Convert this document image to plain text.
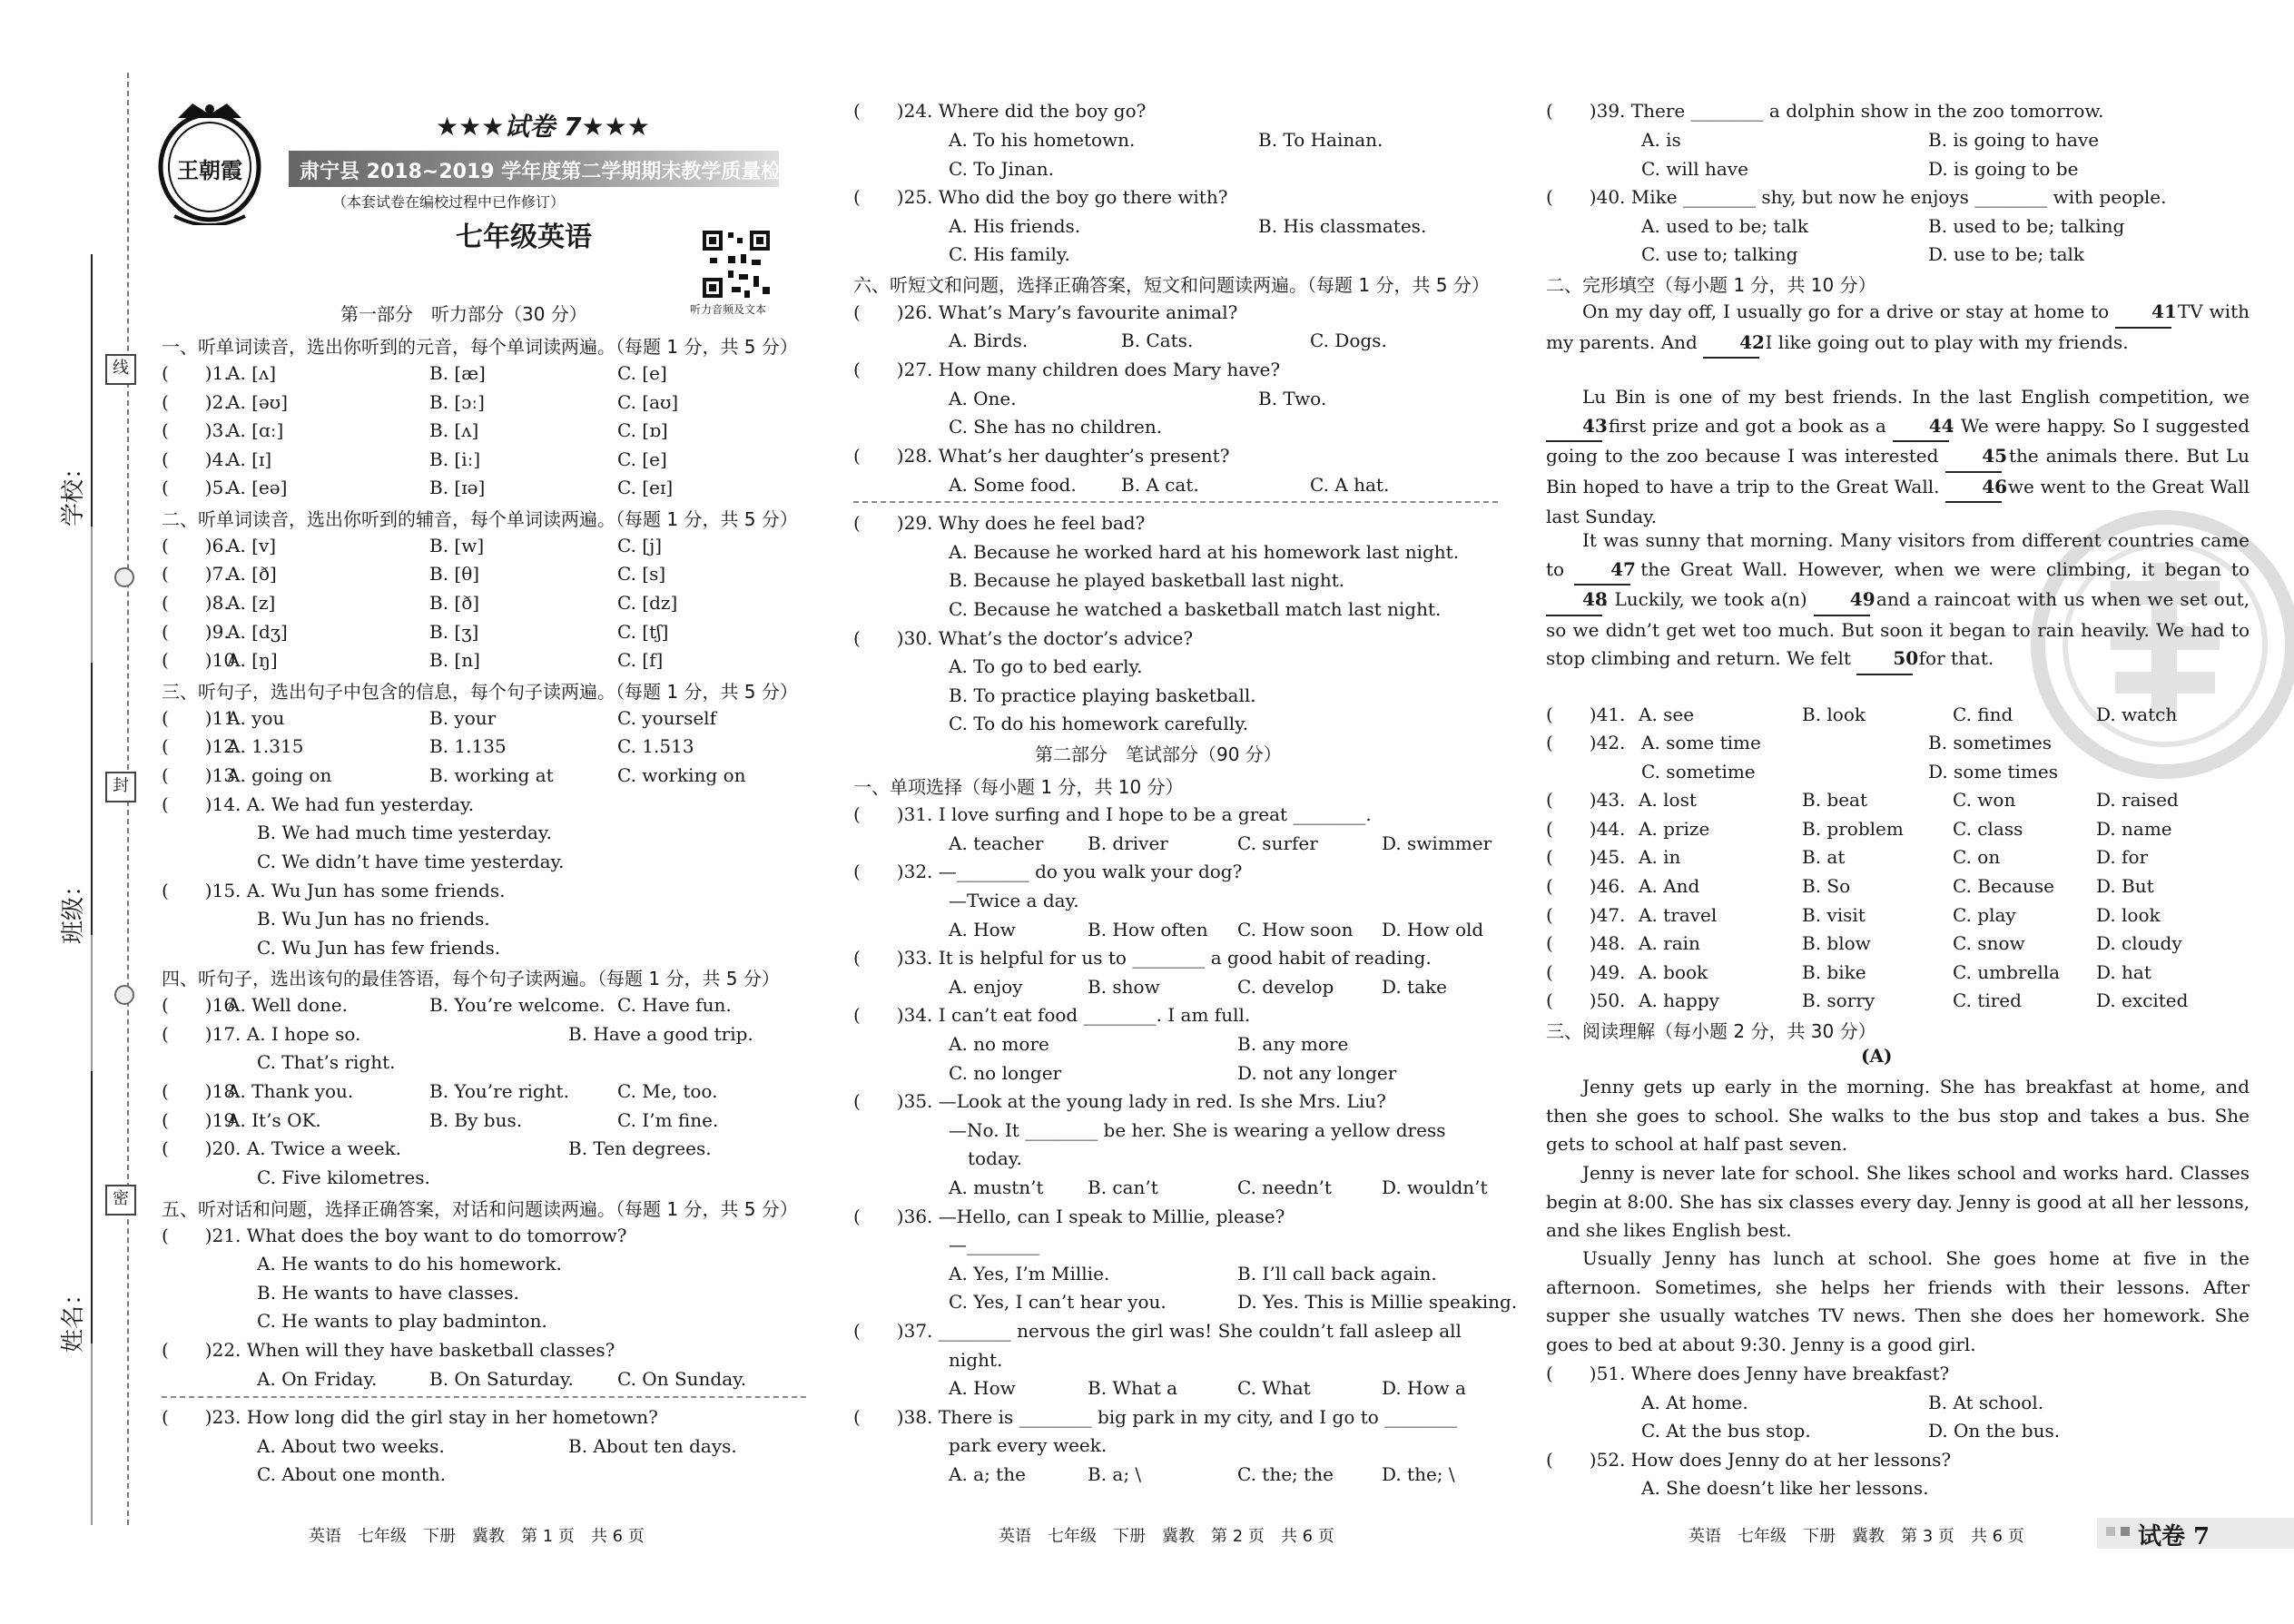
学校：
班级：
姓名：
线
封
密
王朝霞
★★★试卷 7★★★
肃宁县 2018~2019 学年度第二学期期末教学质量检测试卷
（本套试卷在编校过程中已作修订）
七年级英语
听力音频及文本
第一部分　听力部分（30 分）
一、听单词读音，选出你听到的元音，每个单词读两遍。（每题 1 分，共 5 分）
(　　)1.
A. [ʌ]	B. [æ]	C. [e]
(　　)2.
A. [əʊ]	B. [ɔː]	C. [aʊ]
(　　)3.
A. [ɑː]	B. [ʌ]	C. [ɒ]
(　　)4.
A. [ɪ]	B. [iː]	C. [e]
(　　)5.
A. [eə]	B. [ɪə]	C. [eɪ]
二、听单词读音，选出你听到的辅音，每个单词读两遍。（每题 1 分，共 5 分）
(　　)6.
A. [v]	B. [w]	C. [j]
(　　)7.
A. [ð]	B. [θ]	C. [s]
(　　)8.
A. [z]	B. [ð]	C. [dz]
(　　)9.
A. [dʒ]	B. [ʒ]	C. [tʃ]
(　　)10.
A. [ŋ]	B. [n]	C. [f]
三、听句子，选出句子中包含的信息，每个句子读两遍。（每题 1 分，共 5 分）
(　　)11.
A. you	B. your	C. yourself
(　　)12.
A. 1.315	B. 1.135	C. 1.513
(　　)13.
A. going on	B. working at	C. working on
(　　)14. A. We had fun yesterday.
B. We had much time yesterday.
C. We didn’t have time yesterday.
(　　)15. A. Wu Jun has some friends.
B. Wu Jun has no friends.
C. Wu Jun has few friends.
四、听句子，选出该句的最佳答语，每个句子读两遍。（每题 1 分，共 5 分）
(　　)16.
A. Well done.	B. You’re welcome. C. Have fun.
(　　)17. A. I hope so.	B. Have a good trip.
C. That’s right.
(　　)18.
A. Thank you.	B. You’re right.	C. Me, too.
(　　)19.
A. It’s OK.	B. By bus.	C. I’m fine.
(　　)20. A. Twice a week.	B. Ten degrees.
C. Five kilometres.
五、听对话和问题，选择正确答案，对话和问题读两遍。（每题 1 分，共 5 分）
(　　)21. What does the boy want to do tomorrow?
A. He wants to do his homework.
B. He wants to have classes.
C. He wants to play badminton.
(　　)22. When will they have basketball classes?
A. On Friday.	B. On Saturday. C. On Sunday.
(　　)23. How long did the girl stay in her hometown?
A. About two weeks.	B. About ten days.
C. About one month.
英语　七年级　下册　冀教　第 1 页　共 6 页
(　　)24. Where did the boy go?
A. To his hometown.	B. To Hainan.
C. To Jinan.
(　　)25. Who did the boy go there with?
A. His friends.	B. His classmates.
C. His family.
六、听短文和问题，选择正确答案，短文和问题读两遍。（每题 1 分，共 5 分）
(　　)26. What’s Mary’s favourite animal?
A. Birds.	B. Cats.	C. Dogs.
(　　)27. How many children does Mary have?
A. One.	B. Two.
C. She has no children.
(　　)28. What’s her daughter’s present?
A. Some food. B. A cat.	C. A hat.
(　　)29. Why does he feel bad?
A. Because he worked hard at his homework last night.
B. Because he played basketball last night.
C. Because he watched a basketball match last night.
(　　)30. What’s the doctor’s advice?
A. To go to bed early.
B. To practice playing basketball.
C. To do his homework carefully.
第二部分　笔试部分（90 分）
一、单项选择（每小题 1 分，共 10 分）
(　　)31. I love surfing and I hope to be a great ________.
A. teacher B. driver	C. surfer	D. swimmer
(　　)32. —________ do you walk your dog?
—Twice a day.
A. How	B. How often C. How soon D. How old
(　　)33. It is helpful for us to ________ a good habit of reading.
A. enjoy	B. show	C. develop	D. take
(　　)34. I can’t eat food ________. I am full.
A. no more	B. any more
C. no longer	D. not any longer
(　　)35. —Look at the young lady in red. Is she Mrs. Liu?
—No. It ________ be her. She is wearing a yellow dress
today.
A. mustn’t B. can’t	C. needn’t	D. wouldn’t
(　　)36. —Hello, can I speak to Millie, please?
—________
A. Yes, I’m Millie.	B. I’ll call back again.
C. Yes, I can’t hear you.	D. Yes. This is Millie speaking.
(　　)37. ________ nervous the girl was! She couldn’t fall asleep all
night.
A. How	B. What a	C. What	D. How a
(　　)38. There is ________ big park in my city, and I go to ________
park every week.
A. a; the	B. a; \	C. the; the	D. the; \
英语　七年级　下册　冀教　第 2 页　共 6 页
(　　)39. There ________ a dolphin show in the zoo tomorrow.
A. is	B. is going to have
C. will have	D. is going to be
(　　)40. Mike ________ shy, but now he enjoys ________ with people.
A. used to be; talk	B. used to be; talking
C. use to; talking	D. use to be; talk
二、完形填空（每小题 1 分，共 10 分）
On my day off, I usually go for a drive or stay at home to 41 TV with my parents. And 42 I like going out to play with my friends.
Lu Bin is one of my best friends. In the last English competition, we 43 first prize and got a book as a 44. We were happy. So I suggested going to the zoo because I was interested 45 the animals there. But Lu Bin hoped to have a trip to the Great Wall. 46 we went to the Great Wall last Sunday.
It was sunny that morning. Many visitors from different countries came to 47 the Great Wall. However, when we were climbing, it began to 48. Luckily, we took a(n) 49 and a raincoat with us when we set out, so we didn’t get wet too much. But soon it began to rain heavily. We had to stop climbing and return. We felt 50 for that.
(　　)41. A. see	B. look	C. find	D. watch
(　　)42. A. some time	B. sometimes
C. sometime	D. some times
(　　)43. A. lost	B. beat	C. won	D. raised
(　　)44. A. prize	B. problem	C. class	D. name
(　　)45. A. in	B. at	C. on	D. for
(　　)46. A. And	B. So	C. Because D. But
(　　)47. A. travel	B. visit	C. play	D. look
(　　)48. A. rain	B. blow	C. snow	D. cloudy
(　　)49. A. book	B. bike	C. umbrella D. hat
(　　)50. A. happy	B. sorry	C. tired	D. excited
三、阅读理解（每小题 2 分，共 30 分）
(A)
Jenny gets up early in the morning. She has breakfast at home, and then she goes to school. She walks to the bus stop and takes a bus. She gets to school at half past seven.
Jenny is never late for school. She likes school and works hard. Classes begin at 8:00. She has six classes every day. Jenny is good at all her lessons, and she likes English best.
Usually Jenny has lunch at school. She goes home at five in the afternoon. Sometimes, she helps her friends with their lessons. After supper she usually watches TV news. Then she does her homework. She goes to bed at about 9:30. Jenny is a good girl.
(　　)51. Where does Jenny have breakfast?
A. At home.	B. At school.
C. At the bus stop.	D. On the bus.
(　　)52. How does Jenny do at her lessons?
A. She doesn’t like her lessons.
英语　七年级　下册　冀教　第 3 页　共 6 页	试卷 7
